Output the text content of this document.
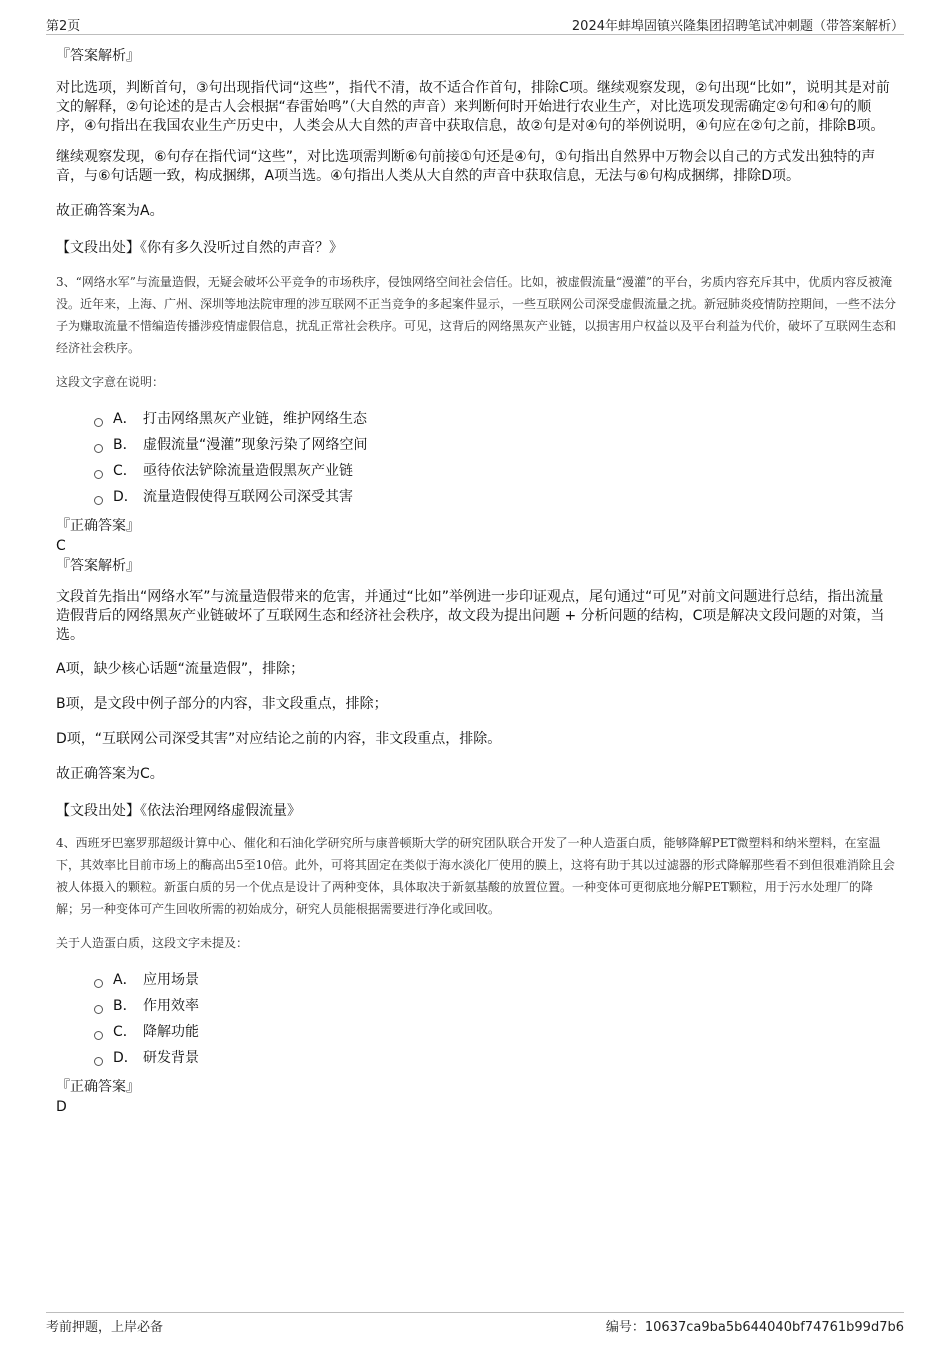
第2页	2024年蚌埠固镇兴隆集团招聘笔试冲刺题（带答案解析）

『答案解析』

对比选项，判断首句，③句出现指代词“这些”，指代不清，故不适合作首句，排除C项。继续观察发现，②句出现“比如”，说明其是对前文的解释，②句论述的是古人会根据“春雷始鸣”（大自然的声音）来判断何时开始进行农业生产，对比选项发现需确定②句和④句的顺序，④句指出在我国农业生产历史中，人类会从大自然的声音中获取信息，故②句是对④句的举例说明，④句应在②句之前，排除B项。

继续观察发现，⑥句存在指代词“这些”，对比选项需判断⑥句前接①句还是④句，①句指出自然界中万物会以自己的方式发出独特的声音，与⑥句话题一致，构成捆绑，A项当选。④句指出人类从大自然的声音中获取信息，无法与⑥句构成捆绑，排除D项。

故正确答案为A。

【文段出处】《你有多久没听过自然的声音？》

3、“网络水军”与流量造假，无疑会破坏公平竞争的市场秩序，侵蚀网络空间社会信任。比如，被虚假流量“漫灌”的平台，劣质内容充斥其中，优质内容反被淹没。近年来，上海、广州、深圳等地法院审理的涉互联网不正当竞争的多起案件显示，一些互联网公司深受虚假流量之扰。新冠肺炎疫情防控期间，一些不法分子为赚取流量不惜编造传播涉疫情虚假信息，扰乱正常社会秩序。可见，这背后的网络黑灰产业链，以损害用户权益以及平台利益为代价，破坏了互联网生态和经济社会秩序。

这段文字意在说明：

A． 打击网络黑灰产业链，维护网络生态
B． 虚假流量“漫灌”现象污染了网络空间
C． 亟待依法铲除流量造假黑灰产业链
D． 流量造假使得互联网公司深受其害

『正确答案』

C

『答案解析』

文段首先指出“网络水军”与流量造假带来的危害，并通过“比如”举例进一步印证观点，尾句通过“可见”对前文问题进行总结，指出流量造假背后的网络黑灰产业链破坏了互联网生态和经济社会秩序，故文段为提出问题 + 分析问题的结构，C项是解决文段问题的对策，当选。

A项，缺少核心话题“流量造假”，排除；

B项，是文段中例子部分的内容，非文段重点，排除；

D项，“互联网公司深受其害”对应结论之前的内容，非文段重点，排除。

故正确答案为C。

【文段出处】《依法治理网络虚假流量》

4、西班牙巴塞罗那超级计算中心、催化和石油化学研究所与康普顿斯大学的研究团队联合开发了一种人造蛋白质，能够降解PET微塑料和纳米塑料，在室温下，其效率比目前市场上的酶高出5至10倍。此外，可将其固定在类似于海水淡化厂使用的膜上，这将有助于其以过滤器的形式降解那些看不到但很难消除且会被人体摄入的颗粒。新蛋白质的另一个优点是设计了两种变体，具体取决于新氨基酸的放置位置。一种变体可更彻底地分解PET颗粒，用于污水处理厂的降解；另一种变体可产生回收所需的初始成分，研究人员能根据需要进行净化或回收。

关于人造蛋白质，这段文字未提及：

A． 应用场景
B． 作用效率
C． 降解功能
D． 研发背景

『正确答案』

D

考前押题，上岸必备	编号：10637ca9ba5b644040bf74761b99d7b6
